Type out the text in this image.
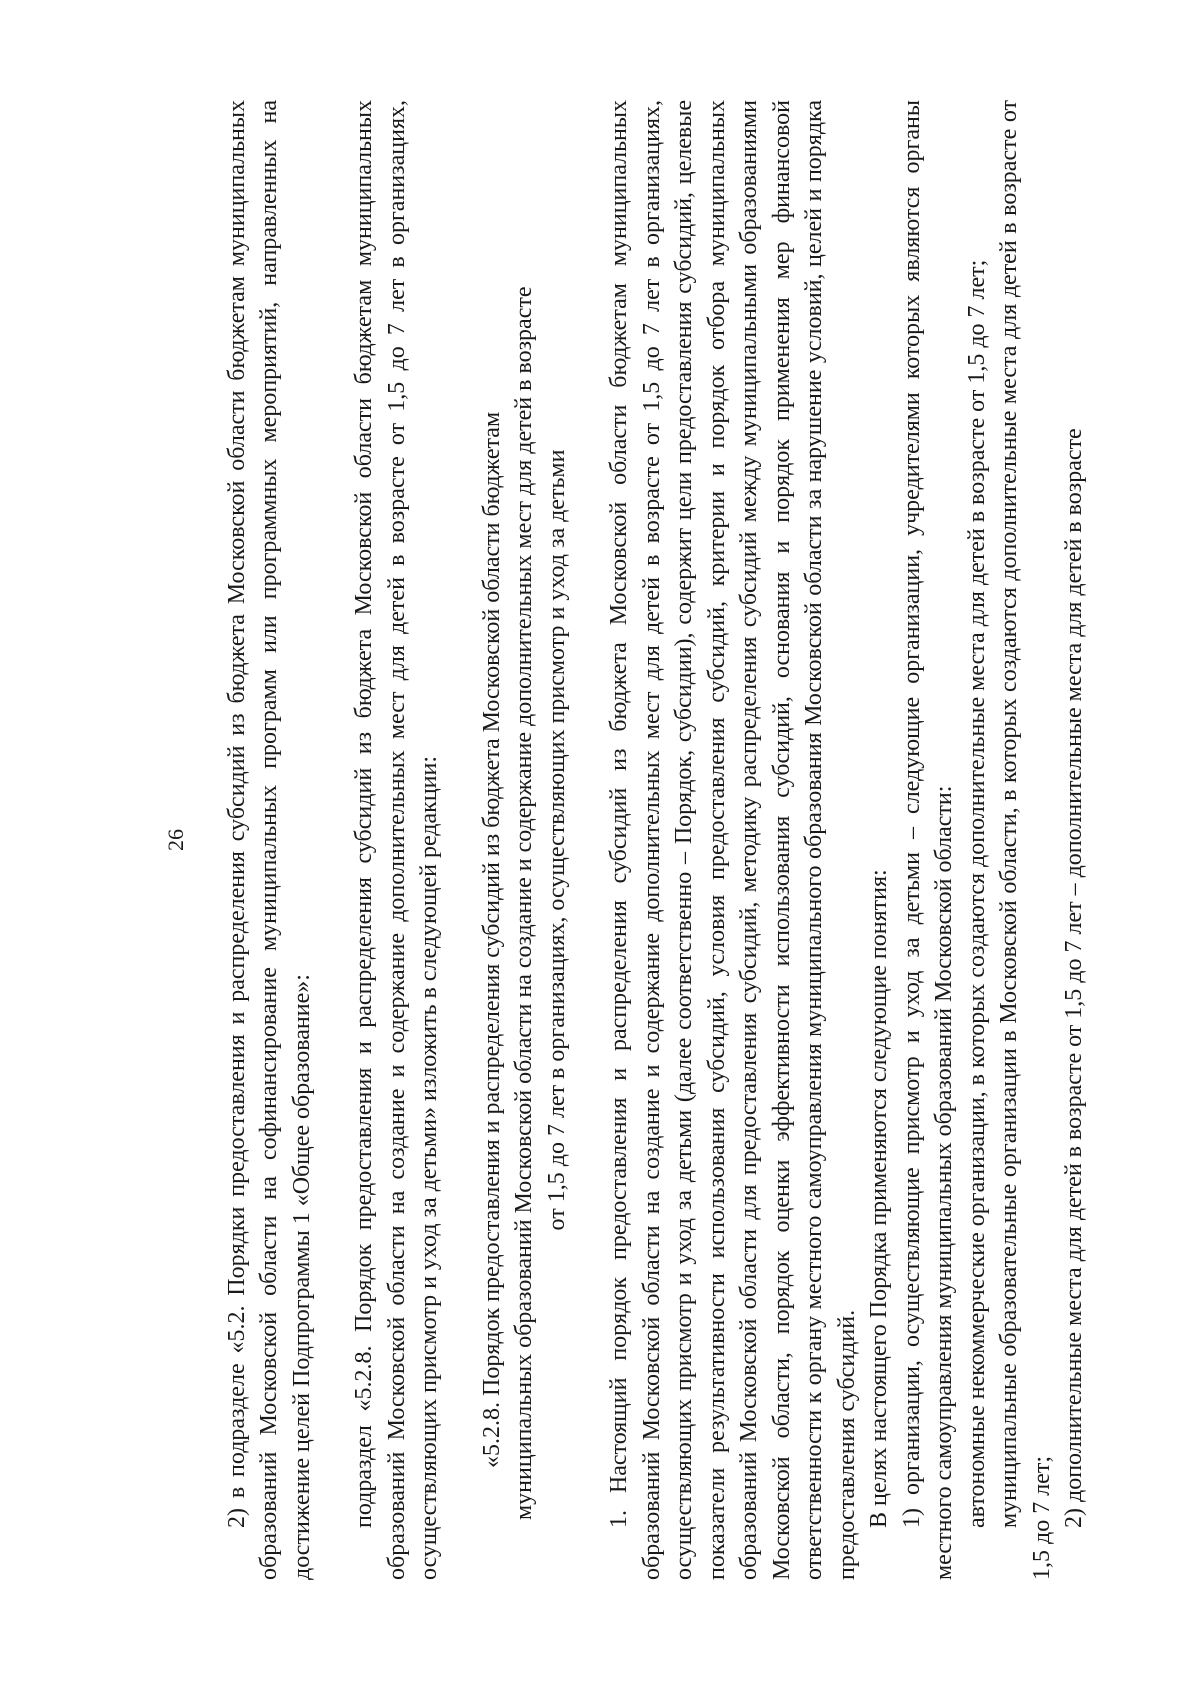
26 2) в подразделе «5.2. Порядки предоставления и распределения субсидий из бюджета Московской области бюджетам муниципальных образований Московской области на софинансирование муниципальных программ или программных мероприятий, направленных на достижение целей Подпрограммы 1 «Общее образование»: подраздел «5.2.8. Порядок предоставления и распределения субсидий из бюджета Московской области бюджетам муниципальных образований Московской области на создание и содержание дополнительных мест для детей в возрасте от 1,5 до 7 лет в организациях, осуществляющих присмотр и уход за детьми» изложить в следующей редакции: «5.2.8. Порядок предоставления и распределения субсидий из бюджета Московской области бюджетам муниципальных образований Московской области на создание и содержание дополнительных мест для детей в возрасте от 1,5 до 7 лет в организациях, осуществляющих присмотр и уход за детьми 1. Настоящий порядок предоставления и распределения субсидий из бюджета Московской области бюджетам муниципальных образований Московской области на создание и содержание дополнительных мест для детей в возрасте от 1,5 до 7 лет в организациях, осуществляющих присмотр и уход за детьми (далее соответственно – Порядок, субсидии), содержит цели предоставления субсидий, целевые показатели результативности использования субсидий, условия предоставления субсидий, критерии и порядок отбора муниципальных образований Московской области для предоставления субсидий, методику распределения субсидий между муниципальными образованиями Московской области, порядок оценки эффективности использования субсидий, основания и порядок применения мер финансовой ответственности к органу местного самоуправления муниципального образования Московской области за нарушение условий, целей и порядка предоставления субсидий. В целях настоящего Порядка применяются следующие понятия: 1) организации, осуществляющие присмотр и уход за детьми – следующие организации, учредителями которых являются органы местного самоуправления муниципальных образований Московской области: автономные некоммерческие организации, в которых создаются дополнительные места для детей в возрасте от 1,5 до 7 лет; муниципальные образовательные организации в Московской области, в которых создаются дополнительные места для детей в возрасте от 1,5 до 7 лет; 2) дополнительные места для детей в возрасте от 1,5 до 7 лет – дополнительные места для детей в возрасте
